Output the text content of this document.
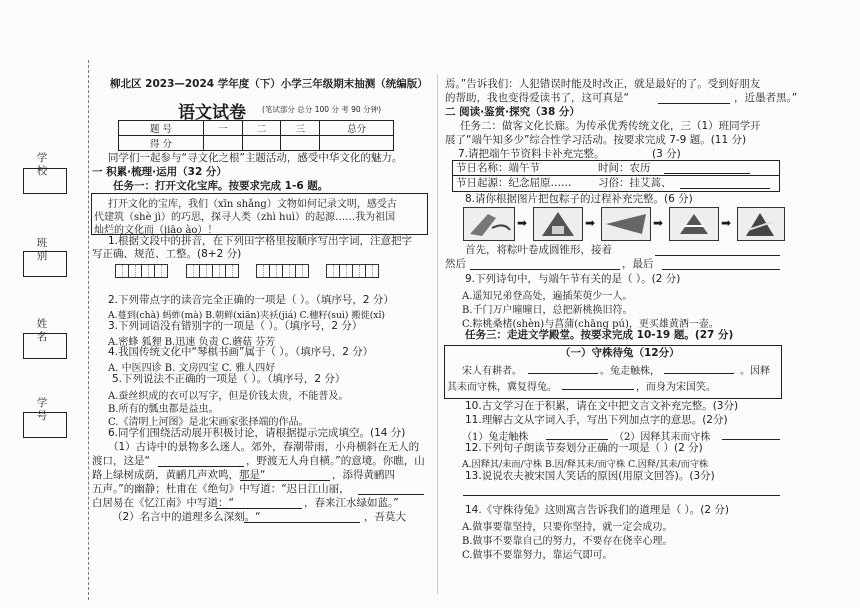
学 校
班 别
姓 名
学 号
柳北区 2023—2024 学年度（下）小学三年级期末抽测（统编版）
语文试卷 (笔试部分 总分 100 分 考 90 分钟)
题 号	一	二	三	总分
得 分				
同学们一起参与“寻文化之根”主题活动，感受中华文化的魅力。
一 积累·梳理·运用（32 分）
任务一：打开文化宝库。按要求完成 1-6 题。
打开文化的宝库，我们（xīn shǎng）文物如何记录文明，感受古
代建筑（shè jì）的巧思，探寻人类（zhì huì）的起源……我为祖国
灿烂的文化而（jiāo ào）！
1.根据文段中的拼音，在下列田字格里按顺序写出字词，注意把字
写正确、规范、工整。(8+2 分)
2.下列带点字的读音完全正确的一项是（ ）。（填序号，2 分）
A.蔓到(chà) 蚂蚱(mà) B.朝鲜(xiān)夹袄(jiá) C.穗籽(suì) 搬徙(xǐ)
3.下列词语没有错别字的一项是（ ）。（填序号，2 分）
A.密蜂 狐狸 B.迅速 负责 C.蘑菇 芬芳
4.我国传统文化中“琴棋书画”属于（ ）。（填序号，2 分）
A. 中医四诊 B. 文房四宝 C. 雅人四好
5.下列说法不正确的一项是（ ）。（填序号，2 分）
A.蚕丝织成的衣可以写字，但是价钱太贵，不能普及。
B.所有的瓢虫都是益虫。
C.《清明上河图》是北宋画家张择端的作品。
6.同学们围绕活动展开积极讨论，请根据提示完成填空。(14 分)
（1）古诗中的景物多么迷人。郊外，春潮带雨，小舟横斜在无人的
渡口，这是“	，野渡无人舟自横。”的意境。你瞧，山
路上绿树成荫，黄鹂几声欢鸣，那是“	，添得黄鹂四
五声。”的幽静；杜甫在《绝句》中写道：“迟日江山丽，
白居易在《忆江南》中写道：“	，春来江水绿如蓝。”
（2）名言中的道理多么深刻。“	，吾莫大
焉。”告诉我们：人犯错误时能及时改正，就是最好的了。受到好朋友
的帮助，我也变得爱读书了，这可真是“	，近墨者黑。”
二 阅读·鉴赏·探究（38 分）
任务二：做客文化长廊。为传承优秀传统文化，三（1）班同学开
展了“端午知多少”综合性学习活动。按要求完成 7-9 题。(11 分)
7.请把端午节资料卡补充完整。	(3 分)
节日名称：端午节	时间：农历
节日起源：纪念屈原……	习俗：挂艾蒿、
8.请你根据图片把包粽子的过程补充完整。(6 分)
➡	➡	➡	➡
首先，将粽叶卷成圆锥形，接着
然后	，最后
9.下列诗句中，与端午节有关的是（ ）。(2 分)
A.遥知兄弟登高处，遍插茱萸少一人。
B.千门万户曈曈日，总把新桃换旧符。
C.粽桃桑楮(shèn)与菖蒲(chāng pú)，更买雄黄酒一壶。
任务三：走进文学殿堂。按要求完成 10-19 题。(27 分)
（一）守株待兔（12分）
宋人有耕者。	。兔走触株，	。因释
其耒而守株，冀复得兔。	，而身为宋国笑。
10.古文学习在于积累，请在文中把文言文补充完整。(3分)
11.理解古文从字词入手，写出下列加点字的意思。(2分)
（1）兔走触株	（2）因释其耒而守株
12.下列句子朗读节奏划分正确的一项是（ ）(2 分)
A.因释其/耒而/守株 B.因/释其耒/而守株 C.因释/其耒/而守株
13.说说农夫被宋国人笑话的原因(用原文回答)。(3分)
14.《守株待兔》这则寓言告诉我们的道理是（ ）。(2 分)
A.做事要靠坚持，只要你坚持，就一定会成功。
B.做事不要靠自己的努力，不要存在侥幸心理。
C.做事不要靠努力，靠运气即可。
